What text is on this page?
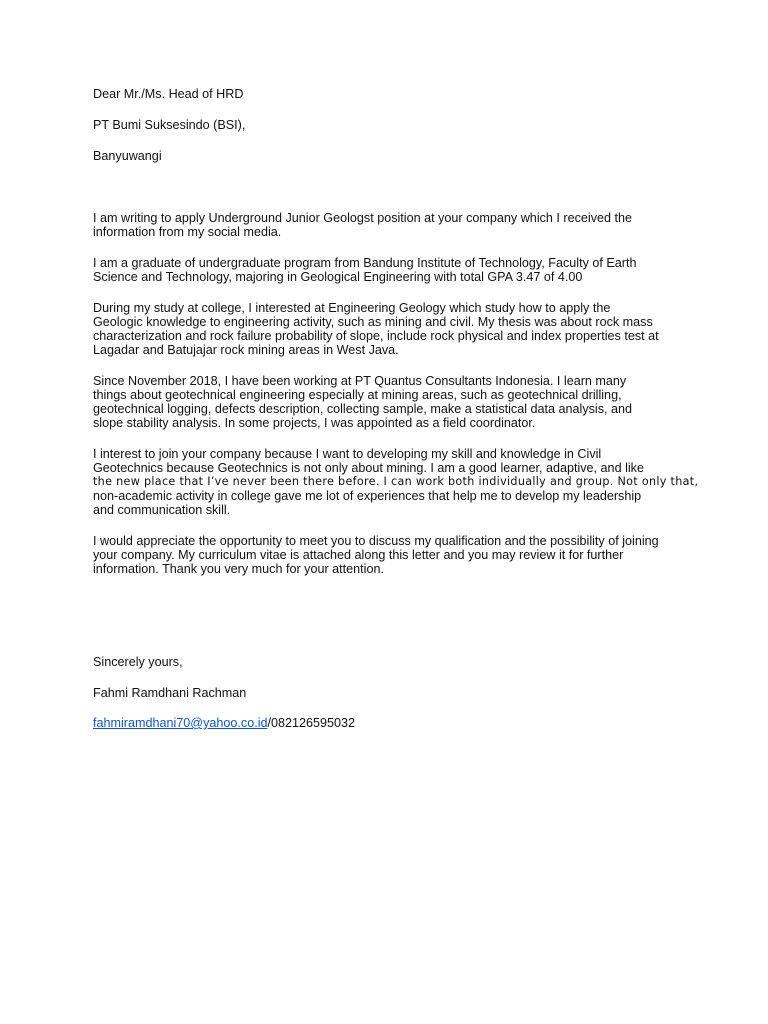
Dear Mr./Ms. Head of HRD
PT Bumi Suksesindo (BSI),
Banyuwangi
I am writing to apply Underground Junior Geologst position at your company which I received the
information from my social media.
I am a graduate of undergraduate program from Bandung Institute of Technology, Faculty of Earth
Science and Technology, majoring in Geological Engineering with total GPA 3.47 of 4.00
During my study at college, I interested at Engineering Geology which study how to apply the
Geologic knowledge to engineering activity, such as mining and civil. My thesis was about rock mass
characterization and rock failure probability of slope, include rock physical and index properties test at
Lagadar and Batujajar rock mining areas in West Java.
Since November 2018, I have been working at PT Quantus Consultants Indonesia. I learn many
things about geotechnical engineering especially at mining areas, such as geotechnical drilling,
geotechnical logging, defects description, collecting sample, make a statistical data analysis, and
slope stability analysis. In some projects, I was appointed as a field coordinator.
I interest to join your company because I want to developing my skill and knowledge in Civil
Geotechnics because Geotechnics is not only about mining. I am a good learner, adaptive, and like
the new place that I’ve never been there before. I can work both individually and group. Not only that,
non-academic activity in college gave me lot of experiences that help me to develop my leadership
and communication skill.
I would appreciate the opportunity to meet you to discuss my qualification and the possibility of joining
your company. My curriculum vitae is attached along this letter and you may review it for further
information. Thank you very much for your attention.
Sincerely yours,
Fahmi Ramdhani Rachman
fahmiramdhani70@yahoo.co.id/082126595032
